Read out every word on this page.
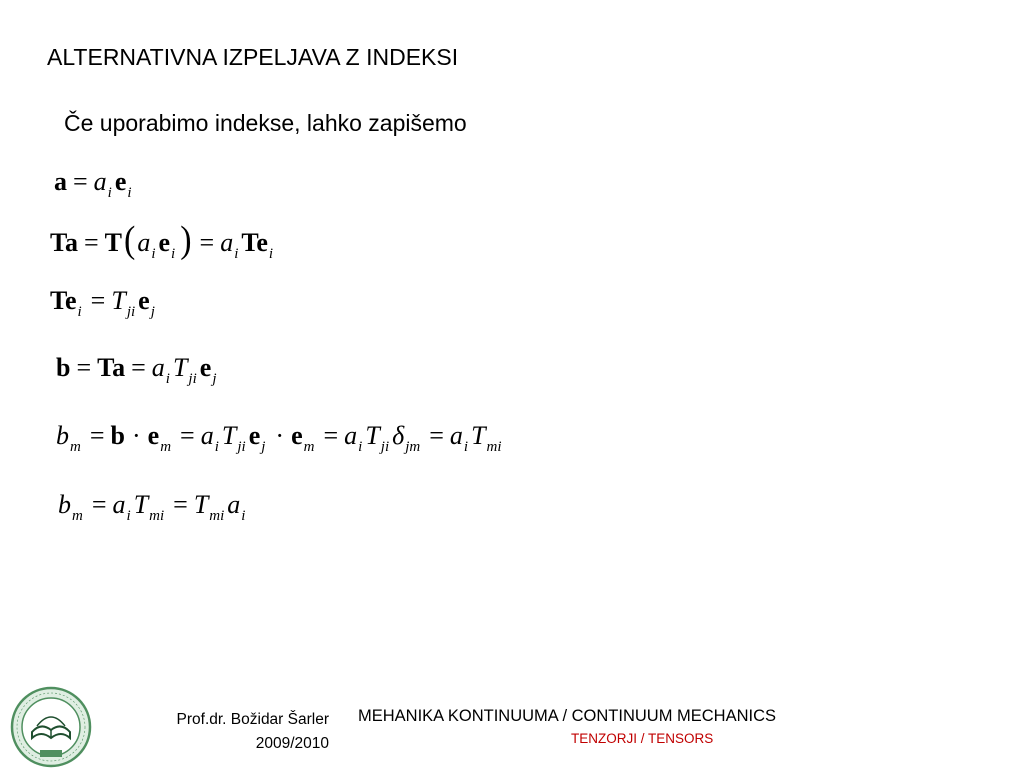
ALTERNATIVNA IZPELJAVA Z INDEKSI
Če uporabimo indekse, lahko zapišemo
a = ai ei
Ta = T(ai ei ) = ai Tei
Tei = Tji ej
b = Ta = ai Tji ej
bm = b · em = ai Tji ej · em = ai Tji δjm = ai Tmi
bm = ai Tmi = Tmi ai
Prof.dr. Božidar Šarler
2009/2010
MEHANIKA KONTINUUMA / CONTINUUM MECHANICS
TENZORJI / TENSORS
